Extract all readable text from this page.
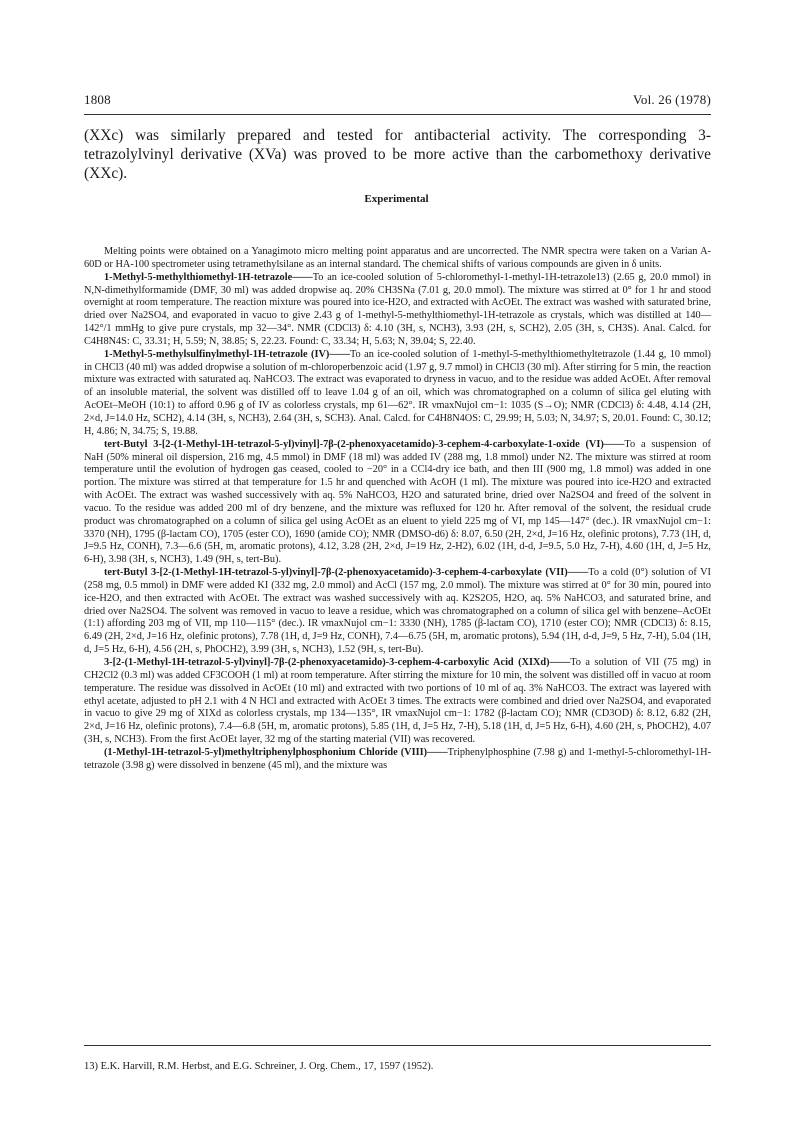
1808	Vol. 26 (1978)

(XXc) was similarly prepared and tested for antibacterial activity. The corresponding 3-tetrazolylvinyl derivative (XVa) was proved to be more active than the carbomethoxy derivative (XXc).

Experimental

Melting points were obtained on a Yanagimoto micro melting point apparatus and are uncorrected. The NMR spectra were taken on a Varian A-60D or HA-100 spectrometer using tetramethylsilane as an internal standard. The chemical shifts of various compounds are given in δ units.

1-Methyl-5-methylthiomethyl-1H-tetrazole——To an ice-cooled solution of 5-chloromethyl-1-methyl-1H-tetrazole13) (2.65 g, 20.0 mmol) in N,N-dimethylformamide (DMF, 30 ml) was added dropwise aq. 20% CH3SNa (7.01 g, 20.0 mmol). The mixture was stirred at 0° for 1 hr and stood overnight at room temperature. The reaction mixture was poured into ice-H2O, and extracted with AcOEt. The extract was washed with saturated brine, dried over Na2SO4, and evaporated in vacuo to give 2.43 g of 1-methyl-5-methylthiomethyl-1H-tetrazole as crystals, which was distilled at 140—142°/1 mmHg to give pure crystals, mp 32—34°. NMR (CDCl3) δ: 4.10 (3H, s, NCH3), 3.93 (2H, s, SCH2), 2.05 (3H, s, CH3S). Anal. Calcd. for C4H8N4S: C, 33.31; H, 5.59; N, 38.85; S, 22.23. Found: C, 33.34; H, 5.63; N, 39.04; S, 22.40.

1-Methyl-5-methylsulfinylmethyl-1H-tetrazole (IV)——To an ice-cooled solution of 1-methyl-5-methylthiomethyltetrazole (1.44 g, 10 mmol) in CHCl3 (40 ml) was added dropwise a solution of m-chloroperbenzoic acid (1.97 g, 9.7 mmol) in CHCl3 (30 ml). After stirring for 5 min, the reaction mixture was extracted with saturated aq. NaHCO3. The extract was evaporated to dryness in vacuo, and to the residue was added AcOEt. After removal of an insoluble material, the solvent was distilled off to leave 1.04 g of an oil, which was chromatographed on a column of silica gel eluting with AcOEt–MeOH (10:1) to afford 0.96 g of IV as colorless crystals, mp 61—62°. IR νmaxNujol cm−1: 1035 (S→O); NMR (CDCl3) δ: 4.48, 4.14 (2H, 2×d, J=14.0 Hz, SCH2), 4.14 (3H, s, NCH3), 2.64 (3H, s, SCH3). Anal. Calcd. for C4H8N4OS: C, 29.99; H, 5.03; N, 34.97; S, 20.01. Found: C, 30.12; H, 4.86; N, 34.75; S, 19.88.

tert-Butyl 3-[2-(1-Methyl-1H-tetrazol-5-yl)vinyl]-7β-(2-phenoxyacetamido)-3-cephem-4-carboxylate-1-oxide (VI)——To a suspension of NaH (50% mineral oil dispersion, 216 mg, 4.5 mmol) in DMF (18 ml) was added IV (288 mg, 1.8 mmol) under N2. The mixture was stirred at room temperature until the evolution of hydrogen gas ceased, cooled to −20° in a CCl4-dry ice bath, and then III (900 mg, 1.8 mmol) was added in one portion. The mixture was stirred at that temperature for 1.5 hr and quenched with AcOH (1 ml). The mixture was poured into ice-H2O and extracted with AcOEt. The extract was washed successively with aq. 5% NaHCO3, H2O and saturated brine, dried over Na2SO4 and freed of the solvent in vacuo. To the residue was added 200 ml of dry benzene, and the mixture was refluxed for 120 hr. After removal of the solvent, the residual crude product was chromatographed on a column of silica gel using AcOEt as an eluent to yield 225 mg of VI, mp 145—147° (dec.). IR νmaxNujol cm−1: 3370 (NH), 1795 (β-lactam CO), 1705 (ester CO), 1690 (amide CO); NMR (DMSO-d6) δ: 8.07, 6.50 (2H, 2×d, J=16 Hz, olefinic protons), 7.73 (1H, d, J=9.5 Hz, CONH), 7.3—6.6 (5H, m, aromatic protons), 4.12, 3.28 (2H, 2×d, J=19 Hz, 2-H2), 6.02 (1H, d-d, J=9.5, 5.0 Hz, 7-H), 4.60 (1H, d, J=5 Hz, 6-H), 3.98 (3H, s, NCH3), 1.49 (9H, s, tert-Bu).

tert-Butyl 3-[2-(1-Methyl-1H-tetrazol-5-yl)vinyl]-7β-(2-phenoxyacetamido)-3-cephem-4-carboxylate (VII)——To a cold (0°) solution of VI (258 mg, 0.5 mmol) in DMF were added KI (332 mg, 2.0 mmol) and AcCl (157 mg, 2.0 mmol). The mixture was stirred at 0° for 30 min, poured into ice-H2O, and then extracted with AcOEt. The extract was washed successively with aq. K2S2O5, H2O, aq. 5% NaHCO3, and saturated brine, and dried over Na2SO4. The solvent was removed in vacuo to leave a residue, which was chromatographed on a column of silica gel with benzene–AcOEt (1:1) affording 203 mg of VII, mp 110—115° (dec.). IR νmaxNujol cm−1: 3330 (NH), 1785 (β-lactam CO), 1710 (ester CO); NMR (CDCl3) δ: 8.15, 6.49 (2H, 2×d, J=16 Hz, olefinic protons), 7.78 (1H, d, J=9 Hz, CONH), 7.4—6.75 (5H, m, aromatic protons), 5.94 (1H, d-d, J=9, 5 Hz, 7-H), 5.04 (1H, d, J=5 Hz, 6-H), 4.56 (2H, s, PhOCH2), 3.99 (3H, s, NCH3), 1.52 (9H, s, tert-Bu).

3-[2-(1-Methyl-1H-tetrazol-5-yl)vinyl]-7β-(2-phenoxyacetamido)-3-cephem-4-carboxylic Acid (XIXd)——To a solution of VII (75 mg) in CH2Cl2 (0.3 ml) was added CF3COOH (1 ml) at room temperature. After stirring the mixture for 10 min, the solvent was distilled off in vacuo at room temperature. The residue was dissolved in AcOEt (10 ml) and extracted with two portions of 10 ml of aq. 3% NaHCO3. The extract was layered with ethyl acetate, adjusted to pH 2.1 with 4 N HCl and extracted with AcOEt 3 times. The extracts were combined and dried over Na2SO4, and evaporated in vacuo to give 29 mg of XIXd as colorless crystals, mp 134—135°, IR νmaxNujol cm−1: 1782 (β-lactam CO); NMR (CD3OD) δ: 8.12, 6.82 (2H, 2×d, J=16 Hz, olefinic protons), 7.4—6.8 (5H, m, aromatic protons), 5.85 (1H, d, J=5 Hz, 7-H), 5.18 (1H, d, J=5 Hz, 6-H), 4.60 (2H, s, PhOCH2), 4.07 (3H, s, NCH3). From the first AcOEt layer, 32 mg of the starting material (VII) was recovered.

(1-Methyl-1H-tetrazol-5-yl)methyltriphenylphosphonium Chloride (VIII)——Triphenylphosphine (7.98 g) and 1-methyl-5-chloromethyl-1H-tetrazole (3.98 g) were dissolved in benzene (45 ml), and the mixture was

13) E.K. Harvill, R.M. Herbst, and E.G. Schreiner, J. Org. Chem., 17, 1597 (1952).
